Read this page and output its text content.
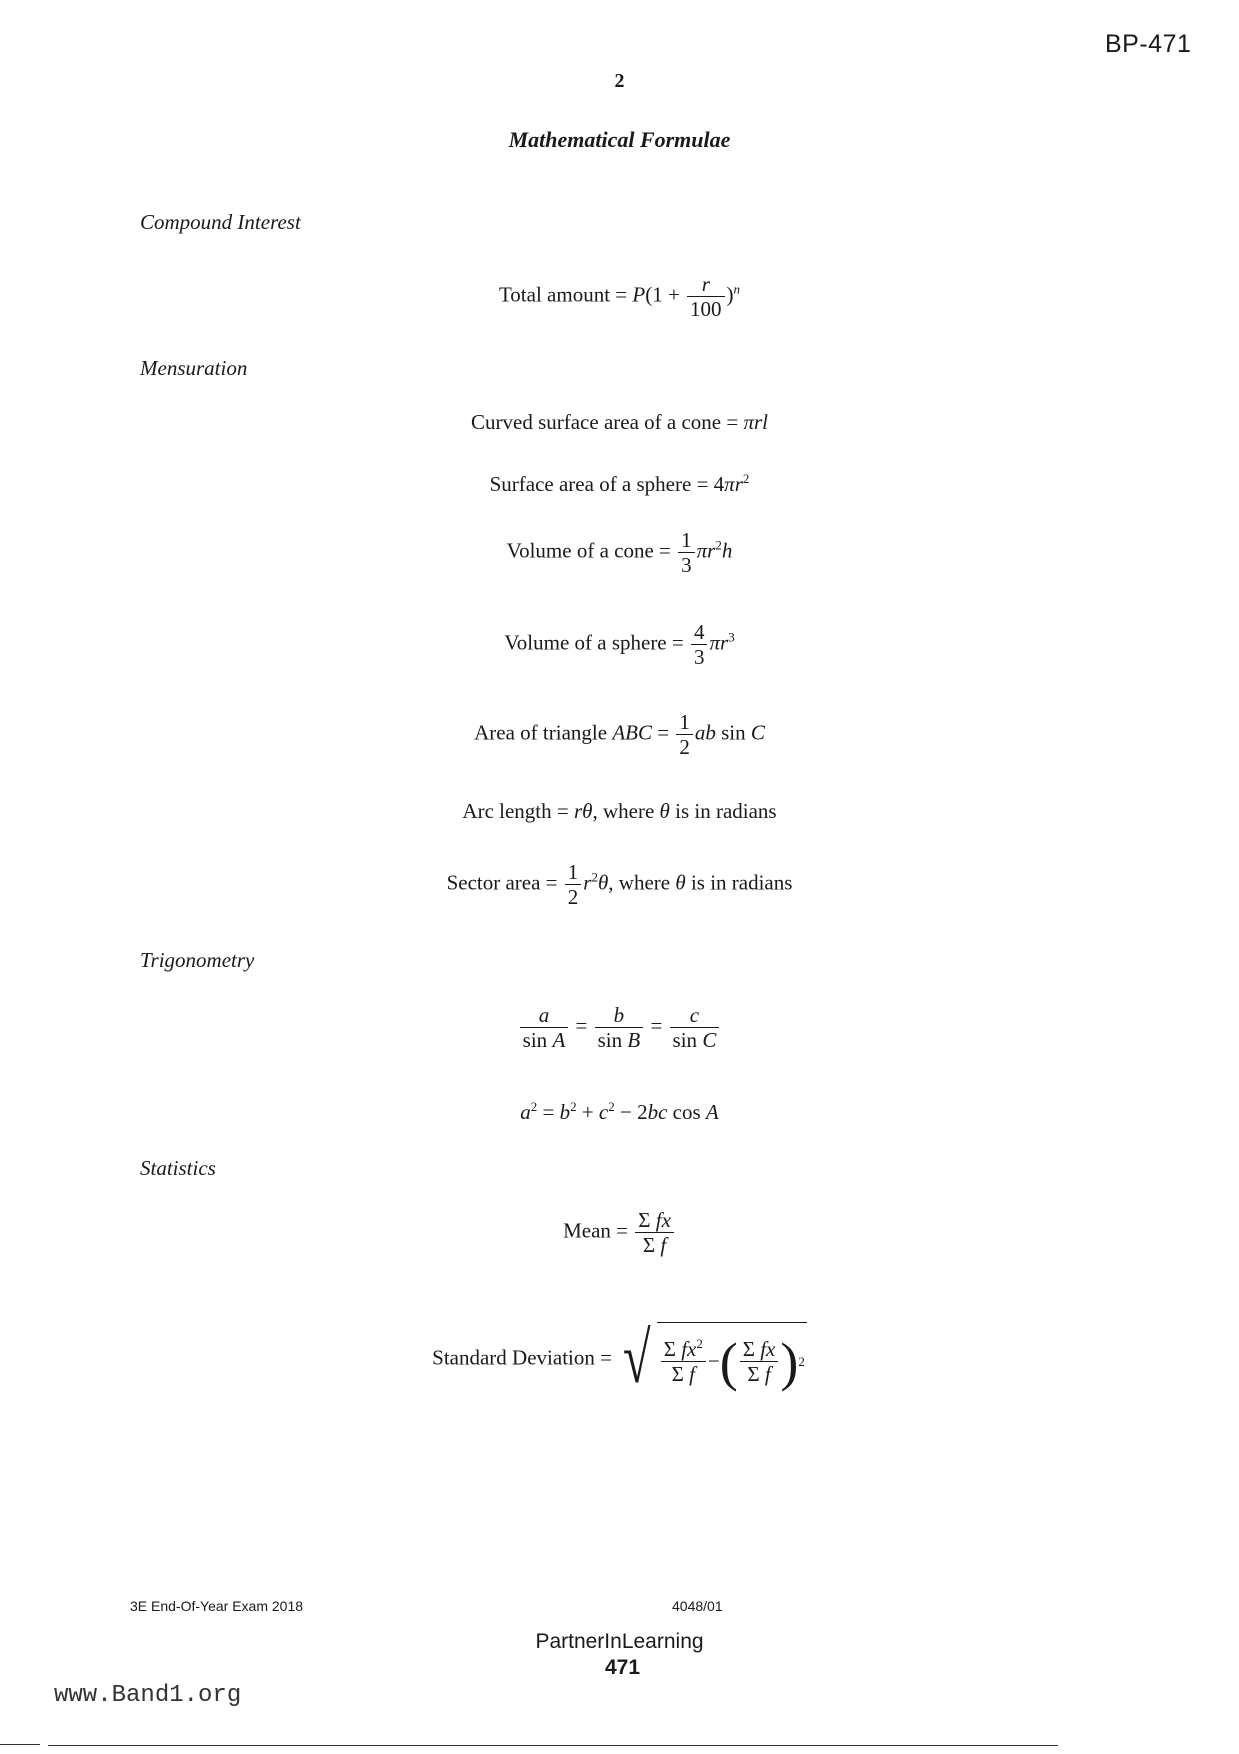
BP-471
2
Mathematical Formulae
Compound Interest
Total amount = $P(1 + \frac{r}{100} )^n$
Mensuration
Curved surface area of a cone = πrl
Surface area of a sphere = $4\pi r^2$
Volume of a cone = $\frac{1}{3} \pi r^2h$
Volume of a sphere = $\frac{4}{3} \pi r^3$
Area of triangle ABC = $\frac{1}{2}$ ab sin C
Arc length = rθ, where θ is in radians
Sector area = $\frac{1}{2} r^2\theta$, where θ is in radians
Trigonometry
$\frac{a}{\text{sin A}} = \frac{b}{\text{sin B}} = \frac{c}{\text{sin C}}$
$a^2 = b^2 + c^2 - 2bc$ cos A
Statistics
Mean = $\frac{\text{Σ fx}}{\text{Σ f}}$
Standard Deviation = √ $\frac{\Sigma fx^2}{\text{Σ f}}$ − ( $\frac{\text{Σ fx}}{\text{Σ f}}$ ) 2
3E End-Of-Year Exam 2018	4048/01
PartnerInLearning
471
www.Band1.org
